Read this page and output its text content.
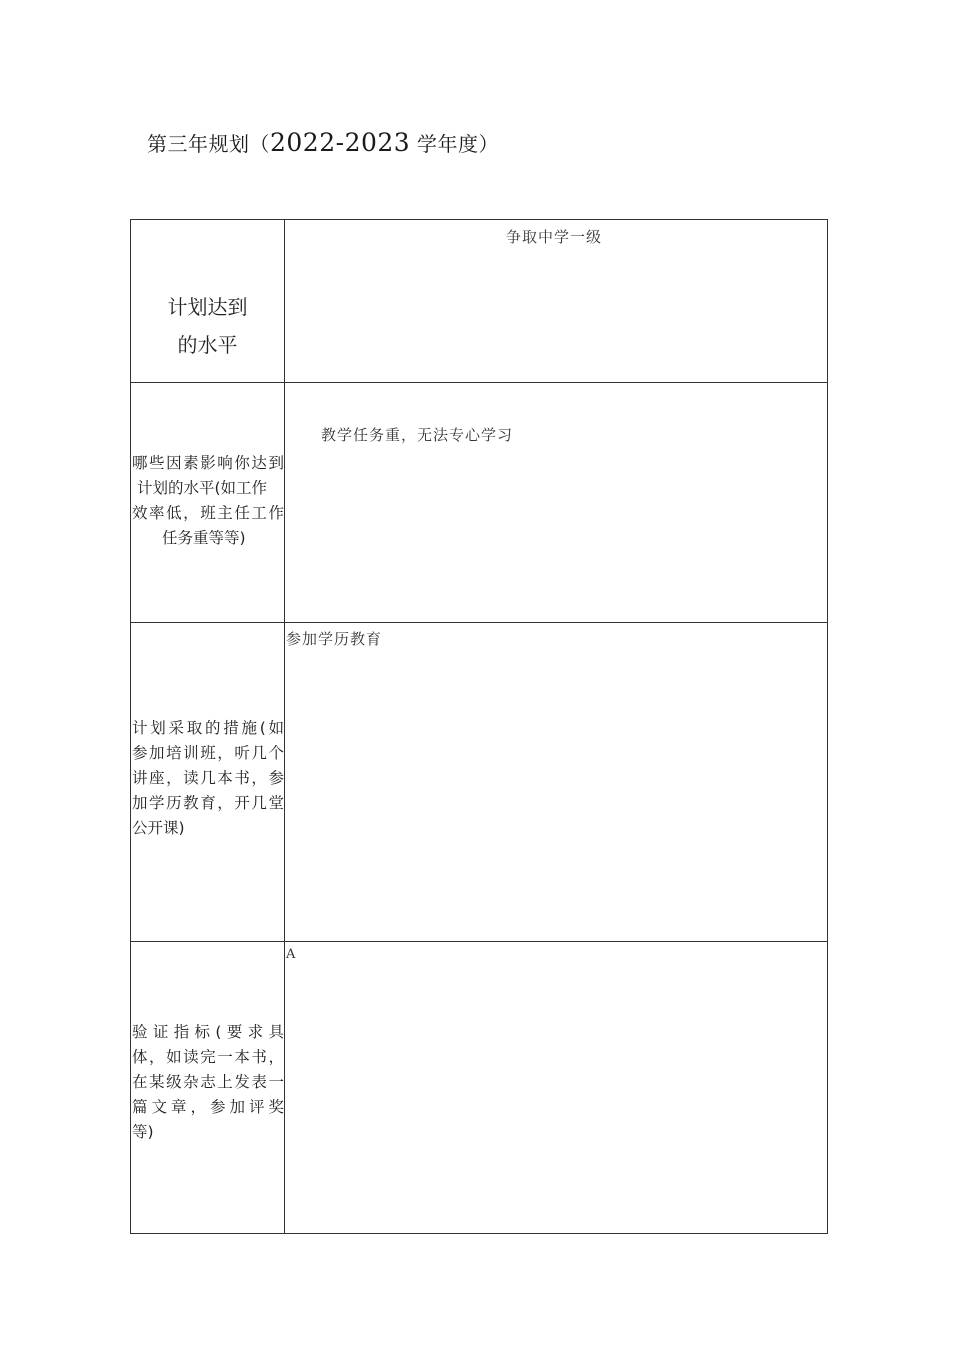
第三年规划（2022-2023 学年度）
计划达到
的水平	争取中学一级

哪些因素影响你达到
计划的水平(如工作
效率低，班主任工作
任务重等等)	教学任务重，无法专心学习

计划采取的措施(如
参加培训班，听几个
讲座，读几本书，参
加学历教育，开几堂
公开课)	参加学历教育

验证指标(要求具
体，如读完一本书，
在某级杂志上发表一
篇文章，参加评奖
等)	A
